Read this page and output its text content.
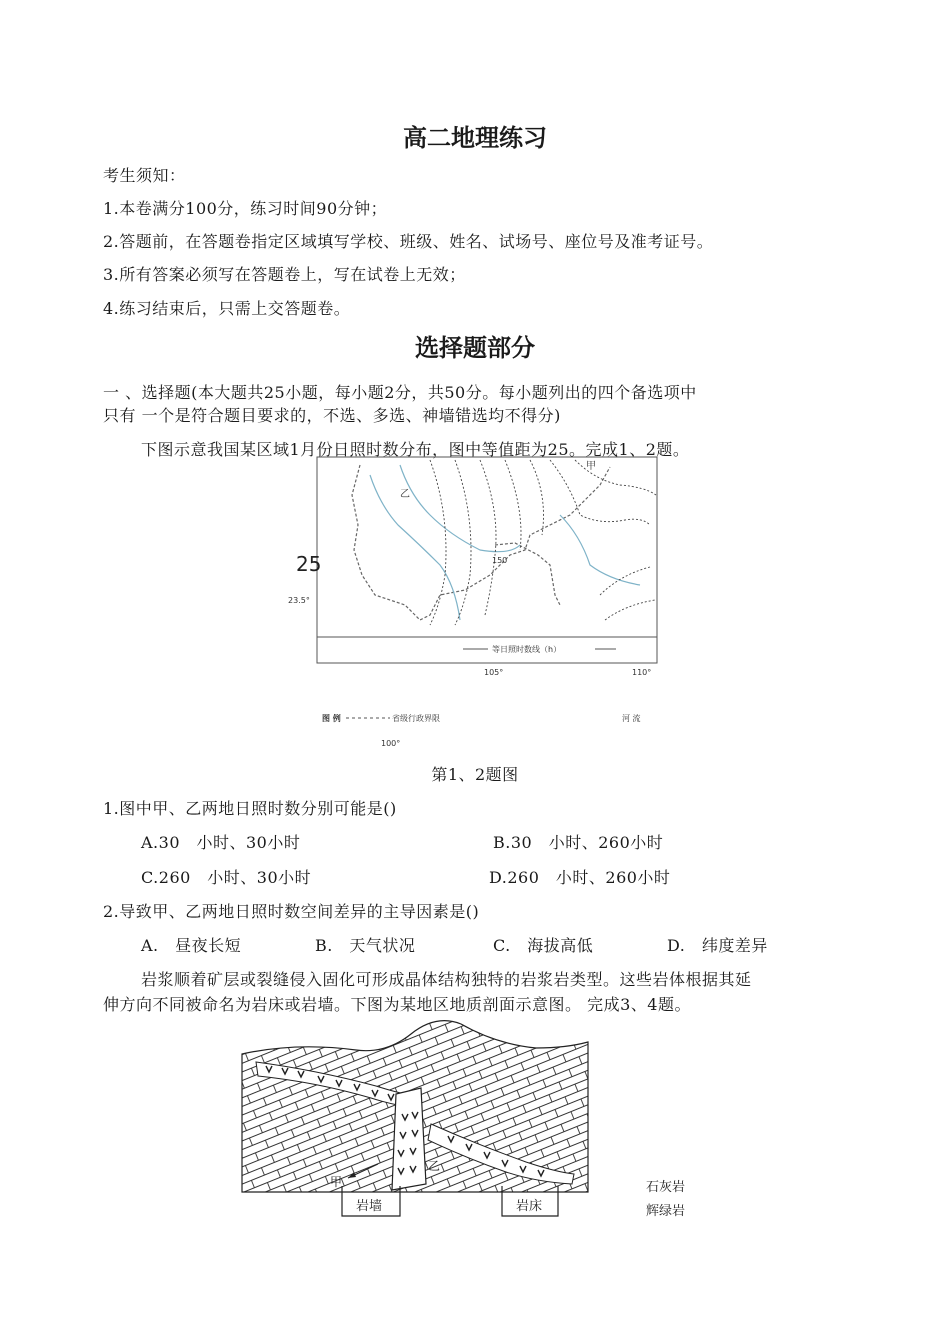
高二地理练习
考生须知：
1.本卷满分100分，练习时间90分钟；
2.答题前，在答题卷指定区域填写学校、班级、姓名、试场号、座位号及准考证号。
3.所有答案必须写在答题卷上，写在试卷上无效；
4.练习结束后，只需上交答题卷。
选择题部分
一 、选择题(本大题共25小题，每小题2分，共50分。每小题列出的四个备选项中
只有 一个是符合题目要求的，不选、多选、神墙错选均不得分)
下图示意我国某区域1月份日照时数分布，图中等值距为25。完成1、2题。
25
23.5°
150
甲
乙
等日照时数线（h）
105°	110°
图 例	省级行政界限	河 流
100°
第1、2题图
1.图中甲、乙两地日照时数分别可能是()
A.30　小时、30小时	B.30　小时、260小时
C.260　小时、30小时	D.260　小时、260小时
2.导致甲、乙两地日照时数空间差异的主导因素是()
A.　昼夜长短	B.　天气状况	C.　海拔高低	D.　纬度差异
岩浆顺着矿层或裂缝侵入固化可形成晶体结构独特的岩浆岩类型。这些岩体根据其延
伸方向不同被命名为岩床或岩墙。下图为某地区地质剖面示意图。 完成3、4题。
甲
乙
岩墙	岩床
石灰岩
辉绿岩
